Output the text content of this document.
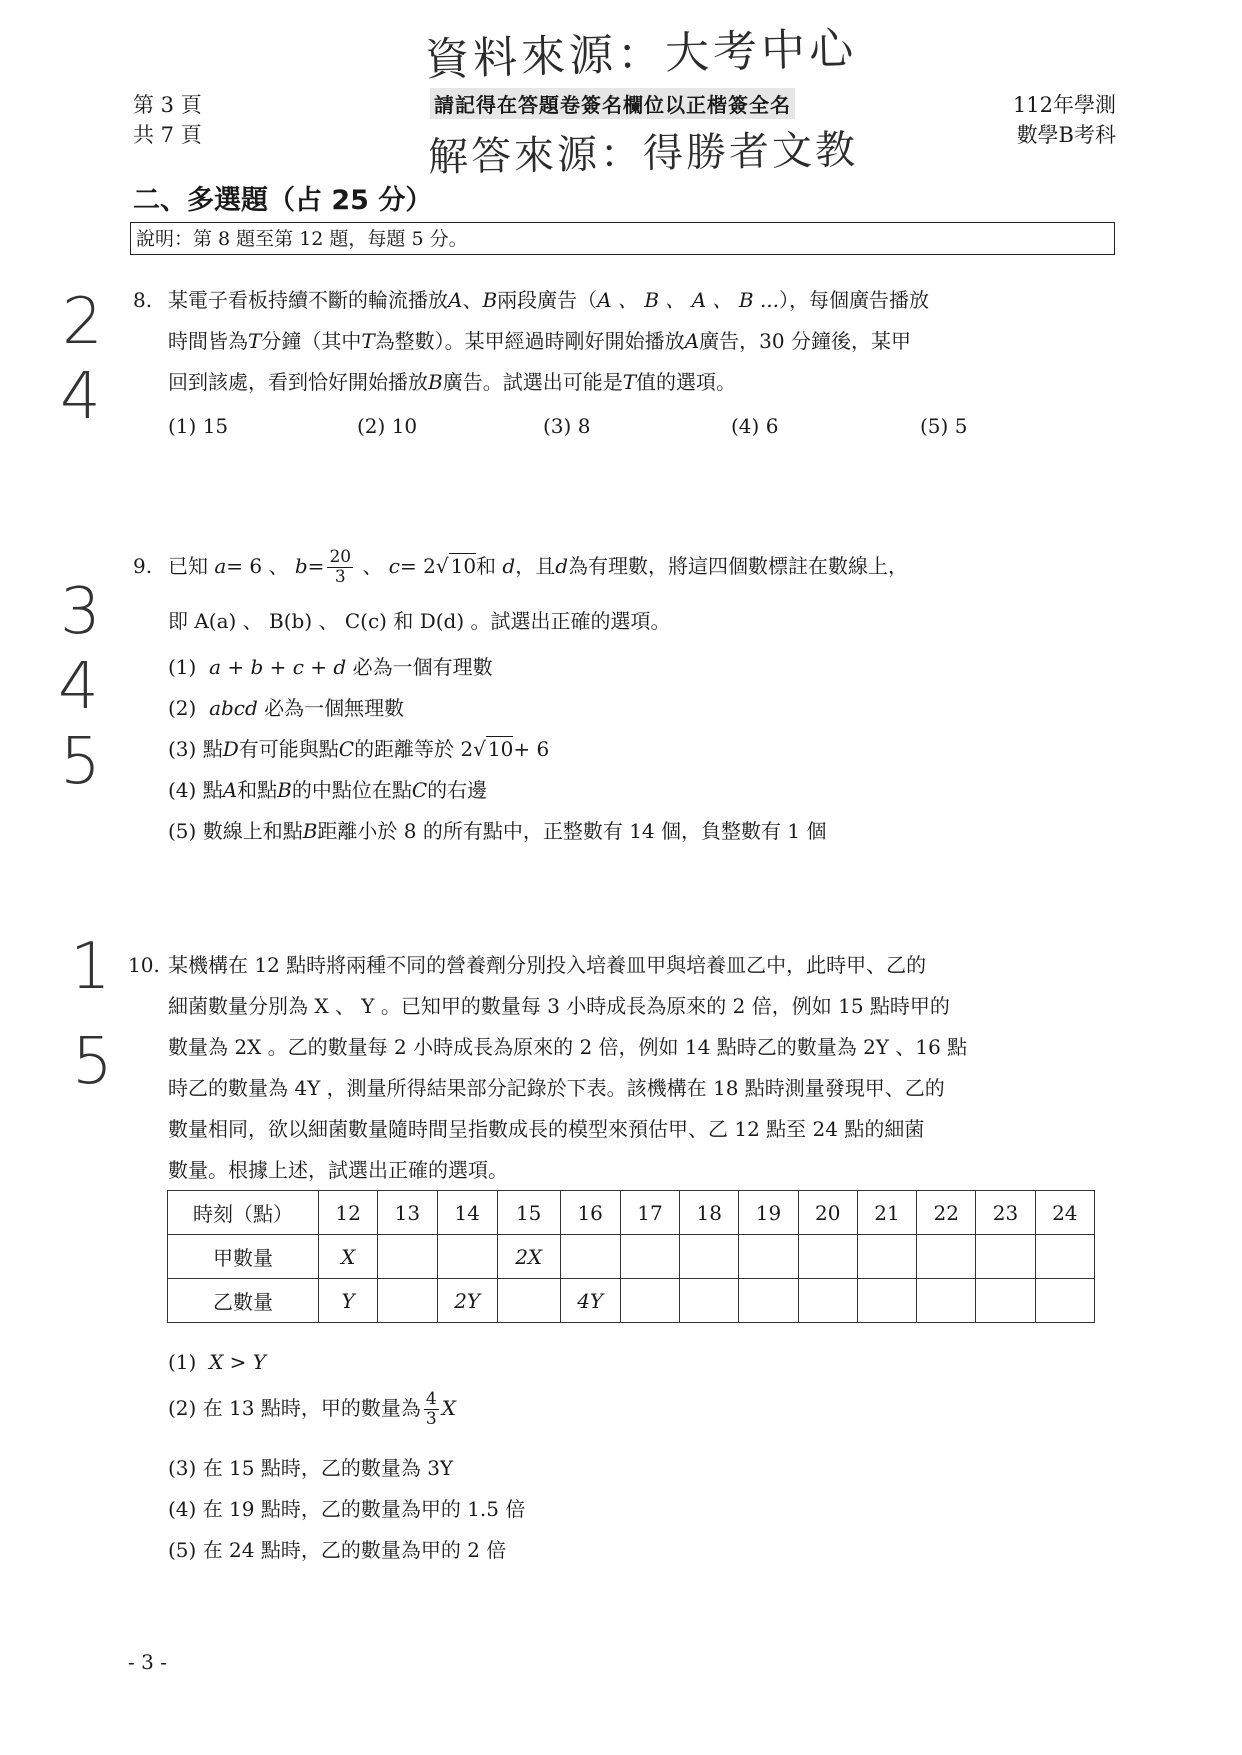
第 3 頁
共 7 頁
資料來源：大考中心
請記得在答題卷簽名欄位以正楷簽全名
解答來源：得勝者文教
112年學測
數學B考科
二、多選題（占 25 分）
說明：第 8 題至第 12 題，每題 5 分。
2
4
8. 某電子看板持續不斷的輪流播放A、B兩段廣告（A 、 B 、 A 、 B ...），每個廣告播放
時間皆為T分鐘（其中T為整數）。某甲經過時剛好開始播放A廣告，30 分鐘後，某甲
回到該處，看到恰好開始播放B廣告。試選出可能是T值的選項。
(1) 15	(2) 10	(3) 8	(4) 6	(5) 5
3
4
5
9. 已知 a= 6 、 $b= \frac{20}{3}$ 、 c= 2√ 10和 d，且d為有理數，將這四個數標註在數線上，
即 A(a) 、 B(b) 、 C(c) 和 D(d) 。試選出正確的選項。
(1) a + b + c + d 必為一個有理數
(2) abcd 必為一個無理數
(3) 點D有可能與點C的距離等於 2√ 10+ 6
(4) 點A和點B的中點位在點C的右邊
(5) 數線上和點B距離小於 8 的所有點中，正整數有 14 個，負整數有 1 個
1
5
10. 某機構在 12 點時將兩種不同的營養劑分別投入培養皿甲與培養皿乙中，此時甲、乙的
細菌數量分別為 X 、 Y 。已知甲的數量每 3 小時成長為原來的 2 倍，例如 15 點時甲的
數量為 2X 。乙的數量每 2 小時成長為原來的 2 倍，例如 14 點時乙的數量為 2Y 、16 點
時乙的數量為 4Y ，測量所得結果部分記錄於下表。該機構在 18 點時測量發現甲、乙的
數量相同，欲以細菌數量隨時間呈指數成長的模型來預估甲、乙 12 點至 24 點的細菌
數量。根據上述，試選出正確的選項。
時刻（點）	12	13	14	15	16	17	18	19	20	21	22	23	24
甲數量	X			2X									
乙數量	Y		2Y		4Y								
(1) X > Y
(2) 在 13 點時，甲的數量為 $\frac{4}{3}$ X
(3) 在 15 點時，乙的數量為 3Y
(4) 在 19 點時，乙的數量為甲的 1.5 倍
(5) 在 24 點時，乙的數量為甲的 2 倍
- 3 -
